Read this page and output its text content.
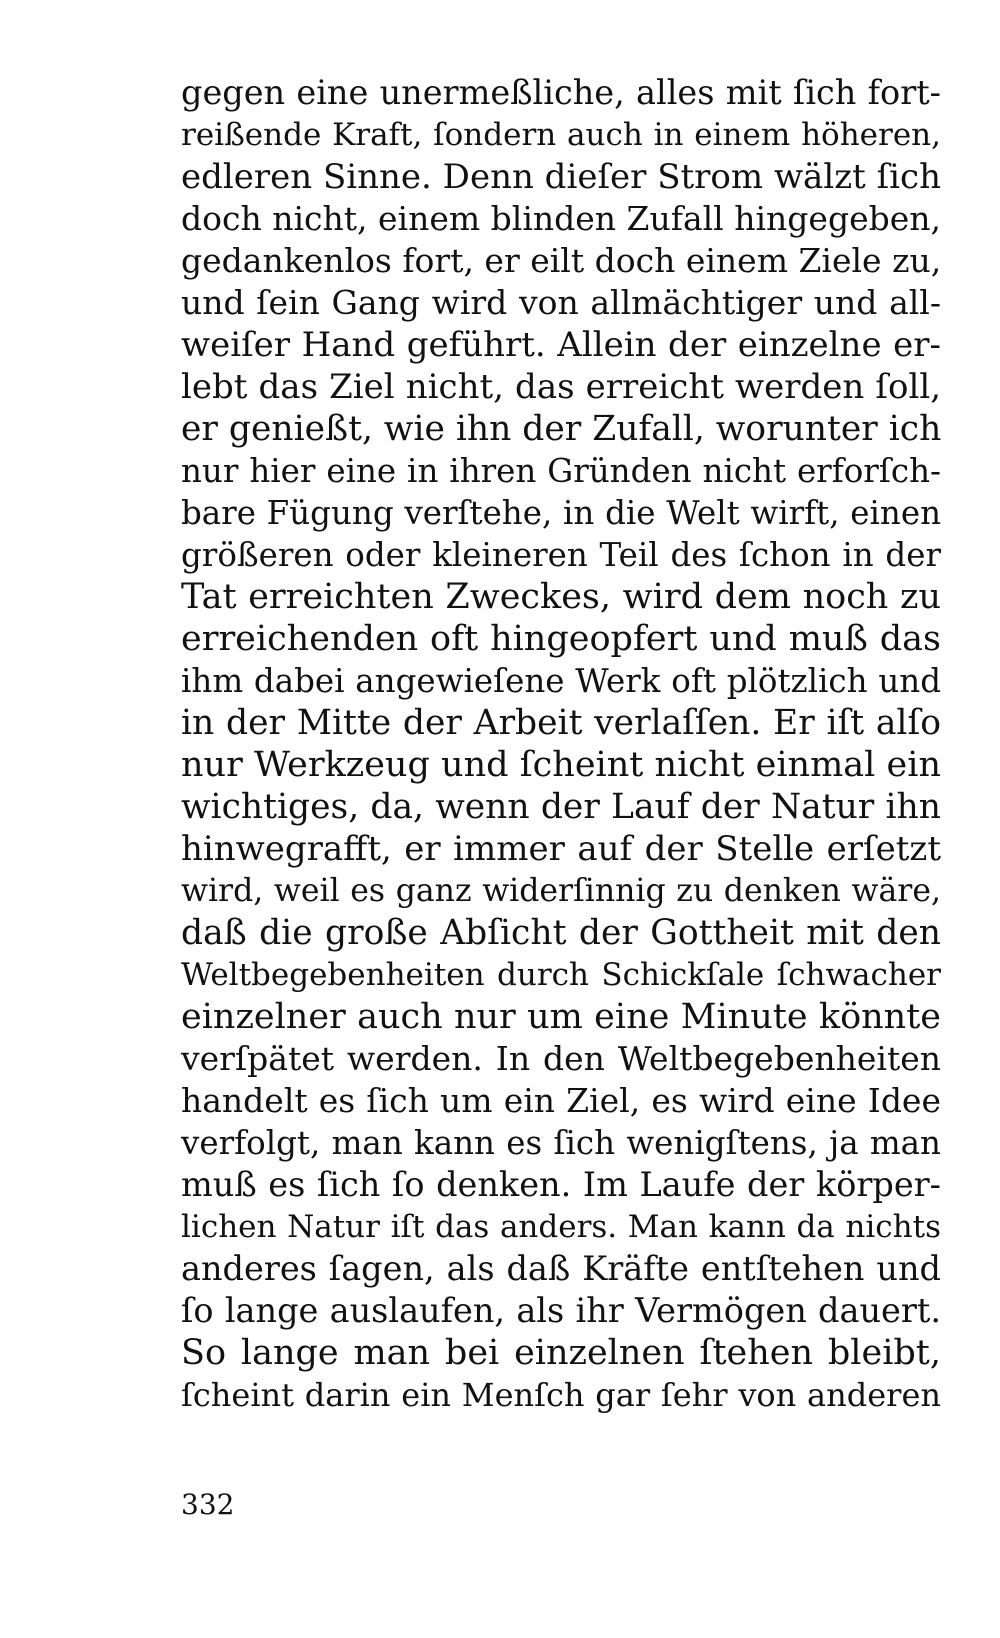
gegen eine unermeßliche, alles mit ſich fort-
reißende Kraft, ſondern auch in einem höheren,
edleren Sinne. Denn dieſer Strom wälzt ſich
doch nicht, einem blinden Zufall hingegeben,
gedankenlos fort, er eilt doch einem Ziele zu,
und ſein Gang wird von allmächtiger und all-
weiſer Hand geführt. Allein der einzelne er-
lebt das Ziel nicht, das erreicht werden ſoll,
er genießt, wie ihn der Zufall, worunter ich
nur hier eine in ihren Gründen nicht erforſch-
bare Fügung verſtehe, in die Welt wirft, einen
größeren oder kleineren Teil des ſchon in der
Tat erreichten Zweckes, wird dem noch zu
erreichenden oft hingeopfert und muß das
ihm dabei angewieſene Werk oft plötzlich und
in der Mitte der Arbeit verlaſſen. Er iſt alſo
nur Werkzeug und ſcheint nicht einmal ein
wichtiges, da, wenn der Lauf der Natur ihn
hinwegrafft, er immer auf der Stelle erſetzt
wird, weil es ganz widerſinnig zu denken wäre,
daß die große Abſicht der Gottheit mit den
Weltbegebenheiten durch Schickſale ſchwacher
einzelner auch nur um eine Minute könnte
verſpätet werden. In den Weltbegebenheiten
handelt es ſich um ein Ziel, es wird eine Idee
verfolgt, man kann es ſich wenigſtens, ja man
muß es ſich ſo denken. Im Laufe der körper-
lichen Natur iſt das anders. Man kann da nichts
anderes ſagen, als daß Kräfte entſtehen und
ſo lange auslaufen, als ihr Vermögen dauert.
So lange man bei einzelnen ſtehen bleibt,
ſcheint darin ein Menſch gar ſehr von anderen
332
